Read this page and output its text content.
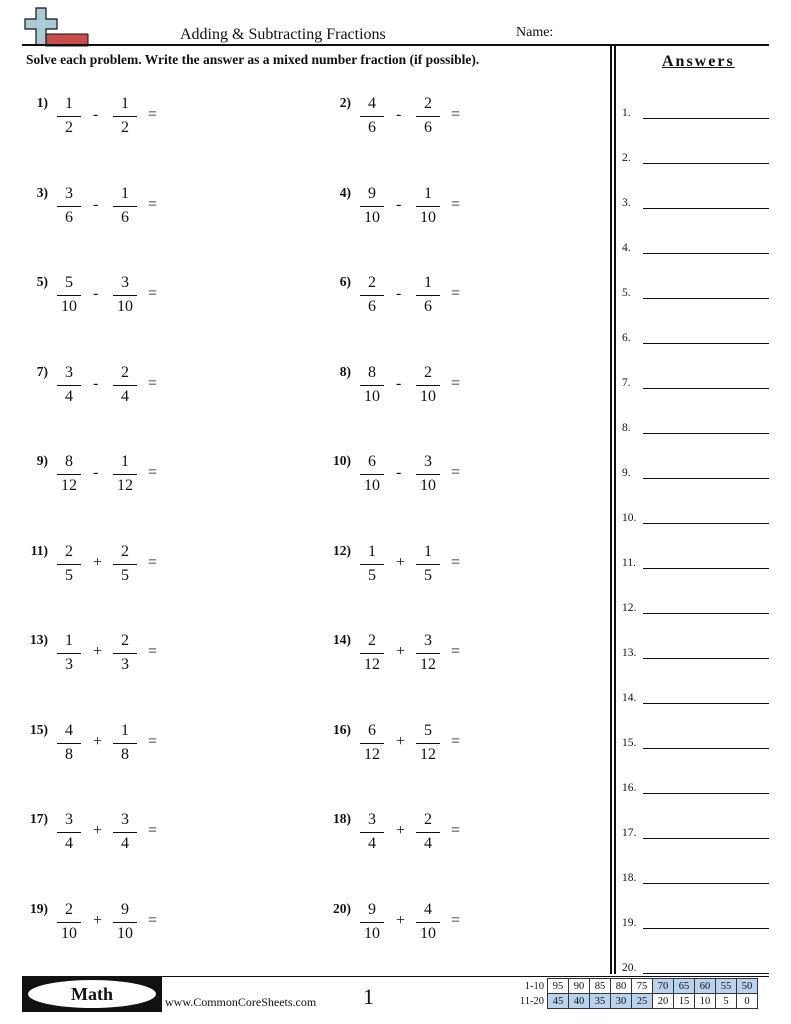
Adding & Subtracting Fractions	Name:
Solve each problem. Write the answer as a mixed number fraction (if possible).	Answers
1.
2.
3.
4.
5.
6.
7.
8.
9.
10.
11.
12.
13.
14.
15.
16.
17.
18.
19.
20.
1)	1
2
-
1
2
=
2)	4
6
-
2
6
=
3)	3
6
-
1
6
=
4)	9
10
-
1
10
=
5)	5
10
-
3
10
=
6)	2
6
-
1
6
=
7)	3
4
-
2
4
=
8)	8
10
-
2
10
=
9)	8
12
-
1
12
=
10)	6
10
-
3
10
=
11)	2
5
+
2
5
=
12)	1
5
+
1
5
=
13)	1
3
+
2
3
=
14)	2
12
+
3
12
=
15)	4
8
+
1
8
=
16)	6
12
+
5
12
=
17)	3
4
+
3
4
=
18)	3
4
+
2
4
=
19)	2
10
+
9
10
=
20)	9
10
+
4
10
=
Math	www.CommonCoreSheets.com 1	1-10	95	90	85	80	75	70	65	60	55	50
11-20	45	40	35	30	25	20	15	10	5	0
